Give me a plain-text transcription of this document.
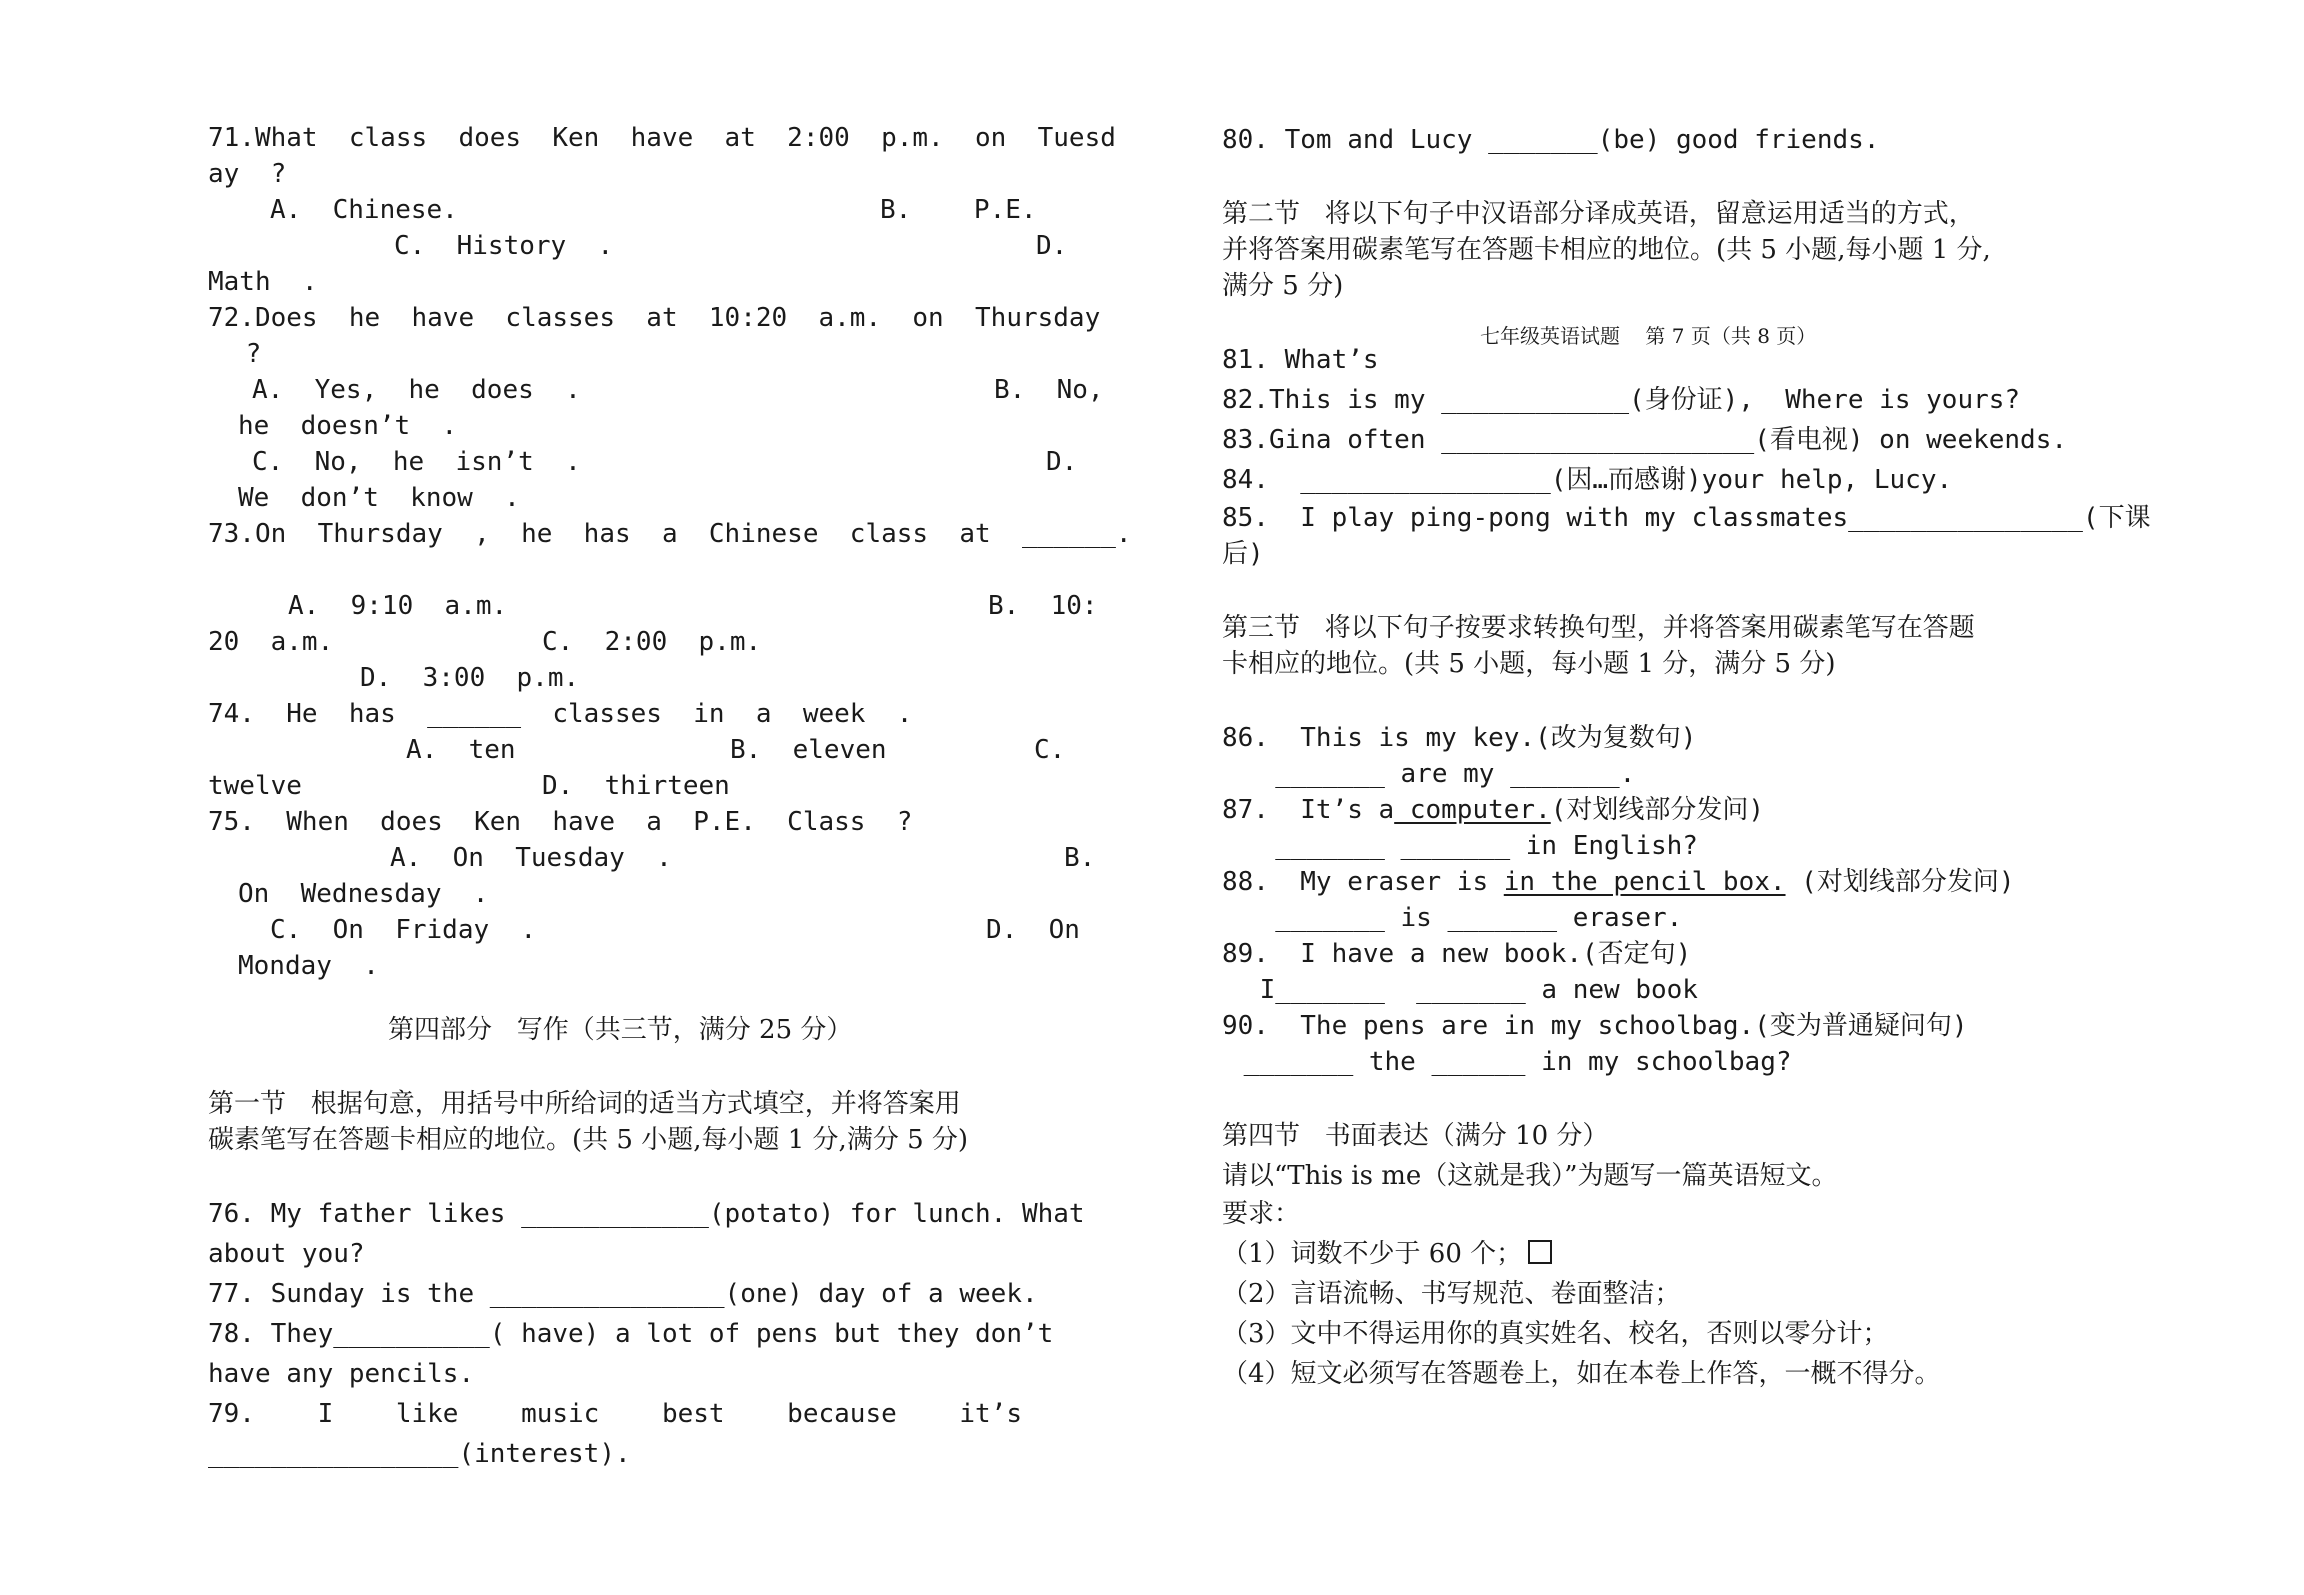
71.What  class  does  Ken  have  at  2:00  p.m.  on  Tuesd
ay  ?
A.  Chinese.	B.    P.E.
C.  History  .	D.
Math  .
72.Does  he  have  classes  at  10:20  a.m.  on  Thursday
?
A.  Yes,  he  does  .	B.  No,
he  doesn’t  .
C.  No,  he  isn’t  .	D.
We  don’t  know  .
73.On  Thursday  ,  he  has  a  Chinese  class  at  ______.
A.  9:10  a.m.	B.  10:
20  a.m.	C.  2:00  p.m.
D.  3:00  p.m.
74.  He  has  ______  classes  in  a  week  .
A.  ten	B.  eleven	C.
twelve	D.  thirteen
75.  When  does  Ken  have  a  P.E.  Class  ?
A.  On  Tuesday  .	B.
On  Wednesday  .
C.  On  Friday  .	D.  On
Monday  .
第四部分   写作（共三节，满分 25 分）
第一节   根据句意，用括号中所给词的适当方式填空，并将答案用
碳素笔写在答题卡相应的地位。(共 5 小题,每小题 1 分,满分 5 分)
76. My father likes ____________(potato) for lunch. What
about you?
77. Sunday is the _______________(one) day of a week.
78. They__________( have) a lot of pens but they don’t
have any pencils.
79.    I    like    music    best    because    it’s
________________(interest).
80. Tom and Lucy _______(be) good friends.
第二节   将以下句子中汉语部分译成英语，留意运用适当的方式，
并将答案用碳素笔写在答题卡相应的地位。(共 5 小题,每小题 1 分,
满分 5 分)
七年级英语试题    第 7 页（共 8 页）
81. What’s
82.This is my ____________(身份证),  Where is yours?
83.Gina often ____________________(看电视) on weekends.
84.  ________________(因…而感谢)your help, Lucy.
85.  I play ping-pong with my classmates_______________(下课
后)
第三节   将以下句子按要求转换句型，并将答案用碳素笔写在答题
卡相应的地位。(共 5 小题，每小题 1 分，满分 5 分)
86.  This is my key.(改为复数句)
_______ are my _______.
87.  It’s a computer.(对划线部分发问)
_______ _______ in English?
88.  My eraser is in the pencil box. (对划线部分发问)
_______ is _______ eraser.
89.  I have a new book.(否定句)
I_______  _______ a new book
90.  The pens are in my schoolbag.(变为普通疑问句)
_______ the ______ in my schoolbag?
第四节   书面表达（满分 10 分）
请以“This is me（这就是我）”为题写一篇英语短文。
要求：
（1）词数不少于 60 个；
（2）言语流畅、书写规范、卷面整洁；
（3）文中不得运用你的真实姓名、校名，否则以零分计；
（4）短文必须写在答题卷上，如在本卷上作答，一概不得分。
